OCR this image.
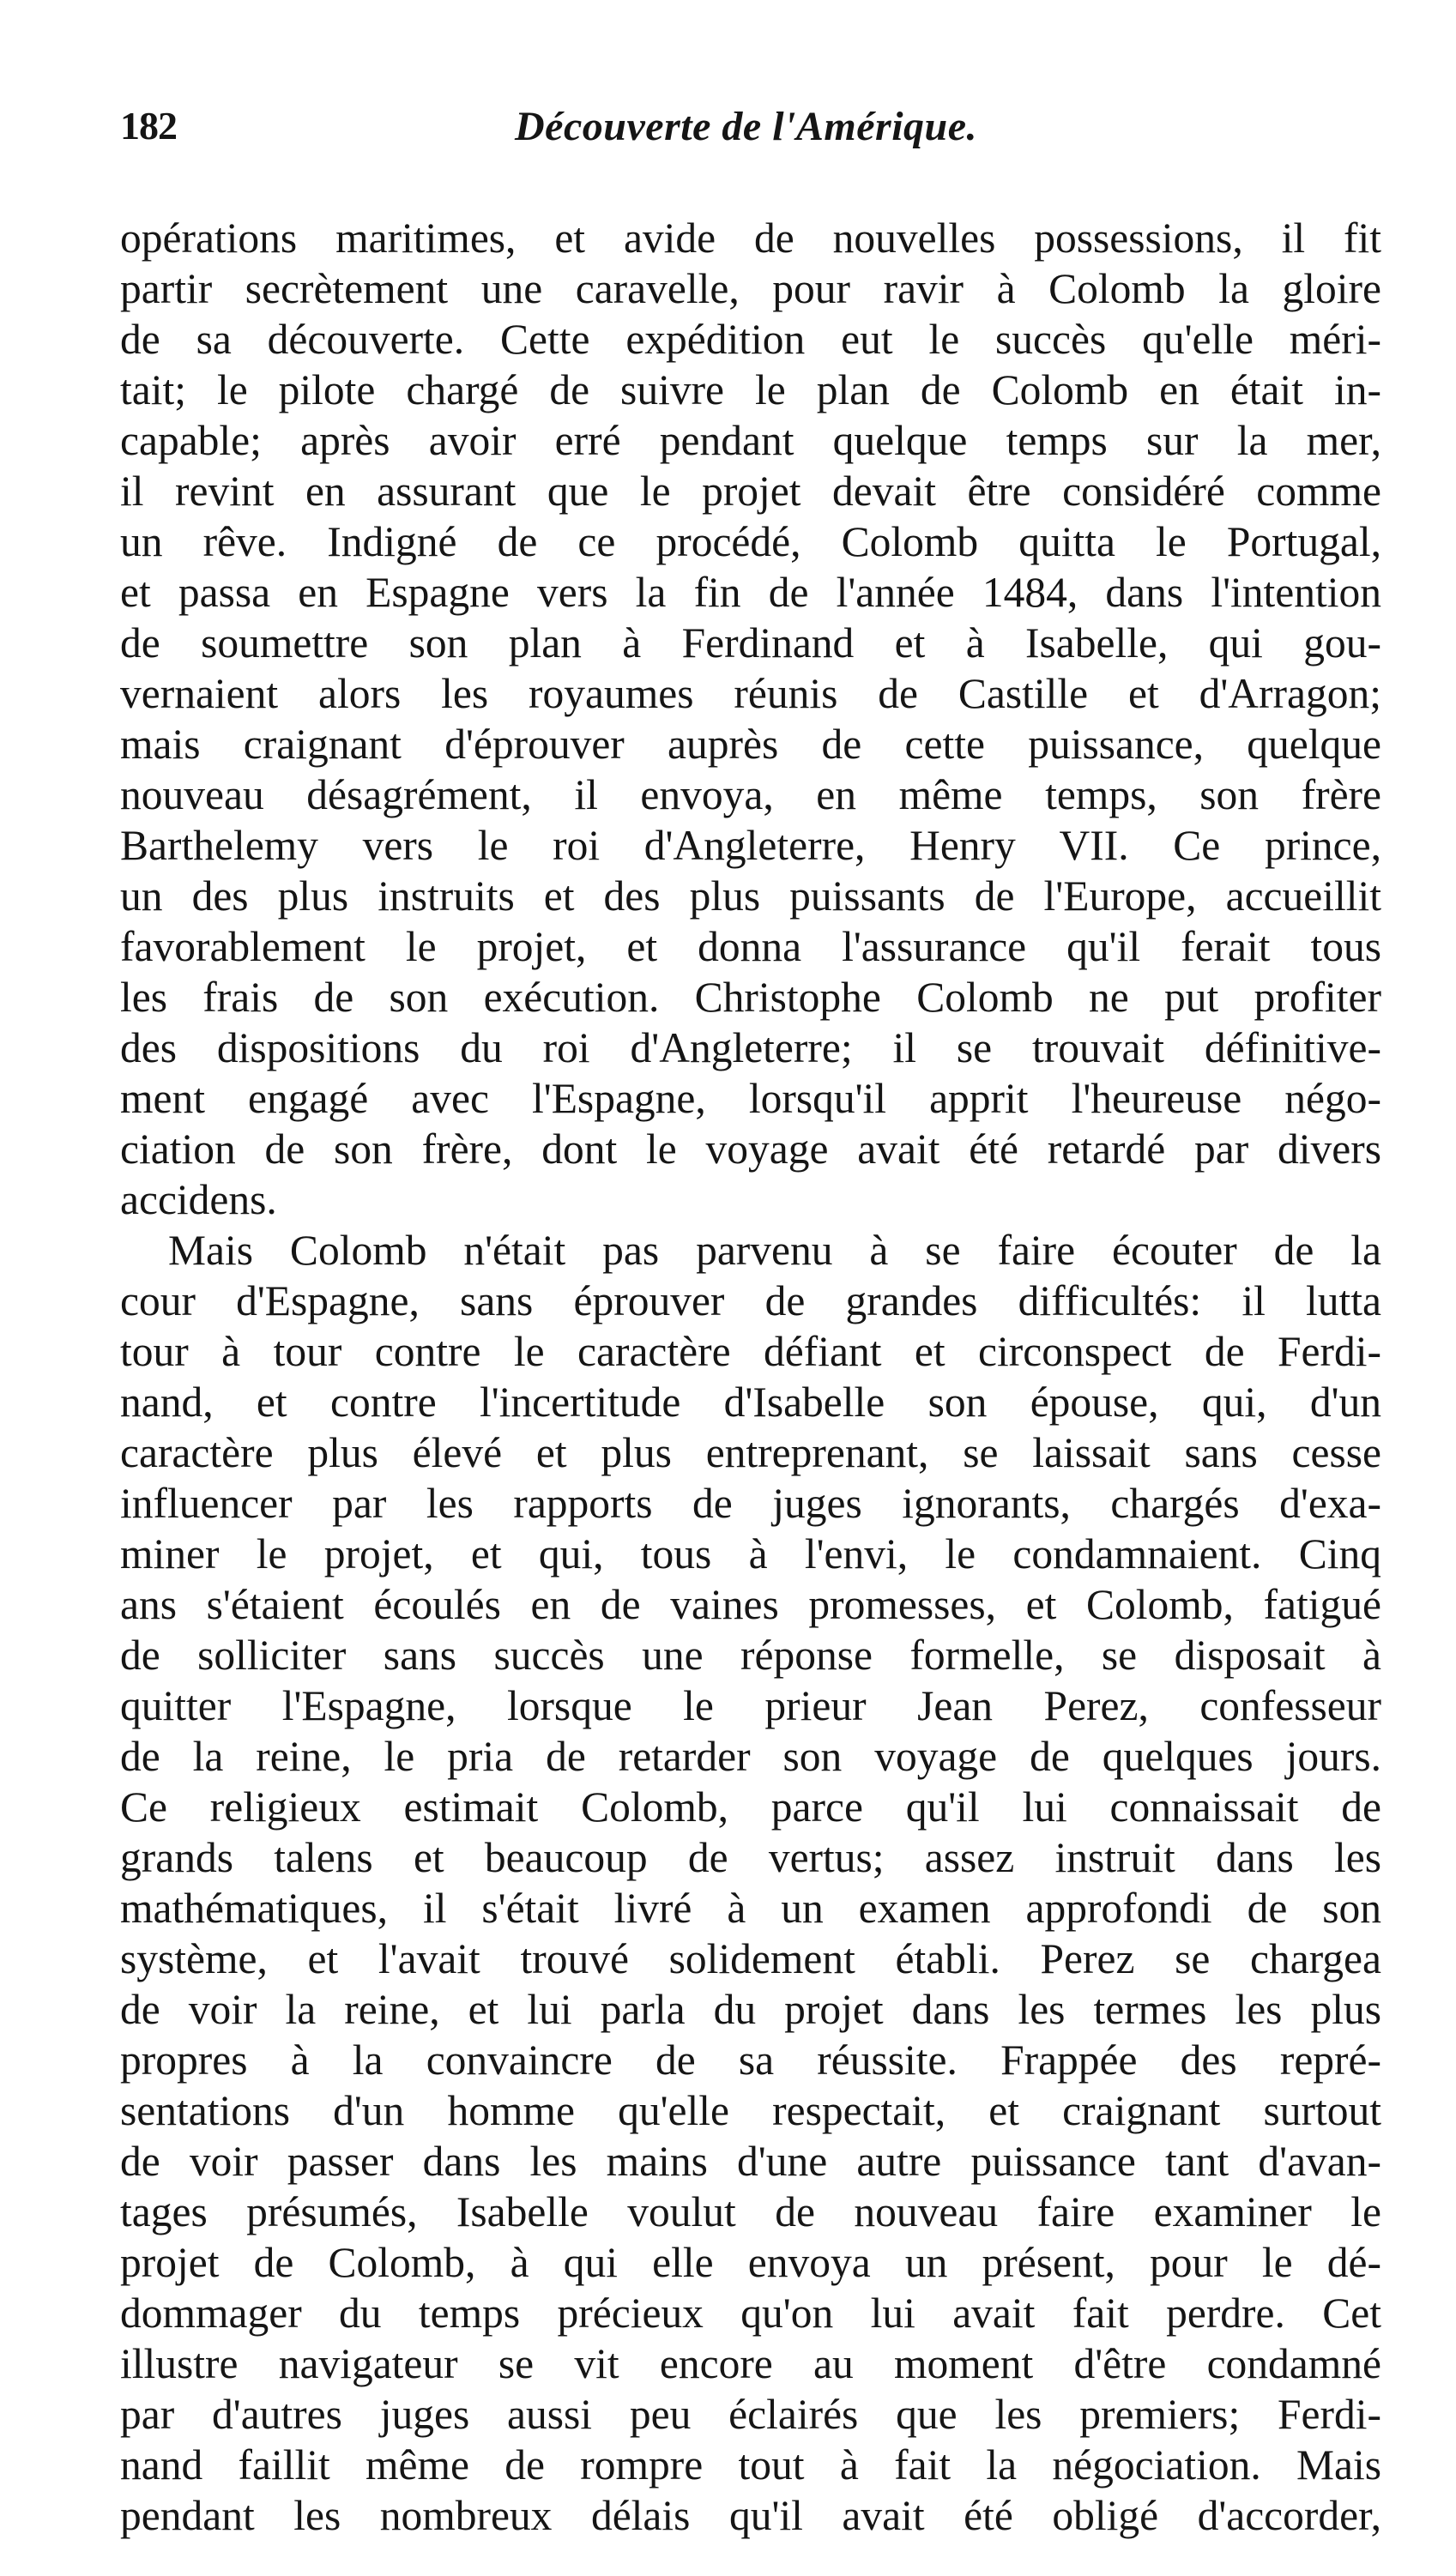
182	Découverte de l'Amérique.
opérations maritimes, et avide de nouvelles possessions, il fit
partir secrètement une caravelle, pour ravir à Colomb la gloire
de sa découverte. Cette expédition eut le succès qu'elle méri-
tait; le pilote chargé de suivre le plan de Colomb en était in-
capable; après avoir erré pendant quelque temps sur la mer,
il revint en assurant que le projet devait être considéré comme
un rêve. Indigné de ce procédé, Colomb quitta le Portugal,
et passa en Espagne vers la fin de l'année 1484, dans l'intention
de soumettre son plan à Ferdinand et à Isabelle, qui gou-
vernaient alors les royaumes réunis de Castille et d'Arragon;
mais craignant d'éprouver auprès de cette puissance, quelque
nouveau désagrément, il envoya, en même temps, son frère
Barthelemy vers le roi d'Angleterre, Henry VII. Ce prince,
un des plus instruits et des plus puissants de l'Europe, accueillit
favorablement le projet, et donna l'assurance qu'il ferait tous
les frais de son exécution. Christophe Colomb ne put profiter
des dispositions du roi d'Angleterre; il se trouvait définitive-
ment engagé avec l'Espagne, lorsqu'il apprit l'heureuse négo-
ciation de son frère, dont le voyage avait été retardé par divers
accidens.
Mais Colomb n'était pas parvenu à se faire écouter de la
cour d'Espagne, sans éprouver de grandes difficultés: il lutta
tour à tour contre le caractère défiant et circonspect de Ferdi-
nand, et contre l'incertitude d'Isabelle son épouse, qui, d'un
caractère plus élevé et plus entreprenant, se laissait sans cesse
influencer par les rapports de juges ignorants, chargés d'exa-
miner le projet, et qui, tous à l'envi, le condamnaient. Cinq
ans s'étaient écoulés en de vaines promesses, et Colomb, fatigué
de solliciter sans succès une réponse formelle, se disposait à
quitter l'Espagne, lorsque le prieur Jean Perez, confesseur
de la reine, le pria de retarder son voyage de quelques jours.
Ce religieux estimait Colomb, parce qu'il lui connaissait de
grands talens et beaucoup de vertus; assez instruit dans les
mathématiques, il s'était livré à un examen approfondi de son
système, et l'avait trouvé solidement établi. Perez se chargea
de voir la reine, et lui parla du projet dans les termes les plus
propres à la convaincre de sa réussite. Frappée des repré-
sentations d'un homme qu'elle respectait, et craignant surtout
de voir passer dans les mains d'une autre puissance tant d'avan-
tages présumés, Isabelle voulut de nouveau faire examiner le
projet de Colomb, à qui elle envoya un présent, pour le dé-
dommager du temps précieux qu'on lui avait fait perdre. Cet
illustre navigateur se vit encore au moment d'être condamné
par d'autres juges aussi peu éclairés que les premiers; Ferdi-
nand faillit même de rompre tout à fait la négociation. Mais
pendant les nombreux délais qu'il avait été obligé d'accorder,
